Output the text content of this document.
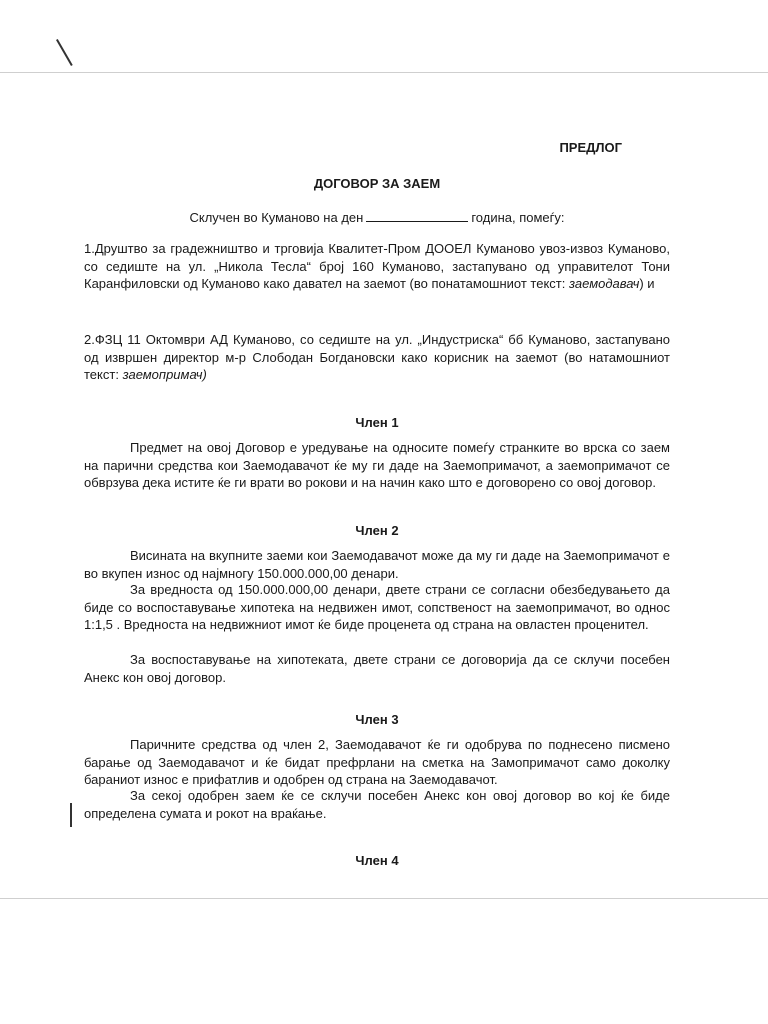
ПРЕДЛОГ
ДОГОВОР ЗА ЗАЕМ
Склучен во Куманово на ден	година, помеѓу:
1.Друштво за градежништво и трговија Квалитет-Пром ДООЕЛ Куманово увоз-извоз Куманово, со седиште на ул. „Никола Тесла“ број 160 Куманово, застапувано од управителот Тони Каранфиловски од Куманово како давател на заемот (во понатамошниот текст: заемодавач) и
2.ФЗЦ 11 Октомври АД Куманово, со седиште на ул. „Индустриска“ бб Куманово, застапувано од извршен директор м-р Слободан Богдановски како корисник на заемот (во натамошниот текст: заемопримач)
Член 1
Предмет на овој Договор е уредување на односите помеѓу странките во врска со заем на парични средства кои Заемодавачот ќе му ги даде на Заемопримачот, а заемопримачот се обврзува дека истите ќе ги врати во рокови и на начин како што е договорено со овој договор.
Член 2
Висината на вкупните заеми кои Заемодавачот може да му ги даде на Заемопримачот е во вкупен износ од најмногу 150.000.000,00 денари.
За вредноста од 150.000.000,00 денари, двете страни се согласни обезбедувањето да биде со воспоставување хипотека на недвижен имот, сопственост на заемопримачот, во однос 1:1,5 . Вредноста на недвижниот имот ќе биде проценета од страна на овластен проценител.
За воспоставување на хипотеката, двете страни се договорија да се склучи посебен Анекс кон овој договор.
Член 3
Паричните средства од член 2, Заемодавачот ќе ги одобрува по поднесено писмено барање од Заемодавачот и ќе бидат префрлани на сметка на Замопримачот само доколку бараниот износ е прифатлив и одобрен од страна на Заемодавачот.
За секој одобрен заем ќе се склучи посебен Анекс кон овој договор во кој ќе биде определена сумата и рокот на враќање.
Член 4
